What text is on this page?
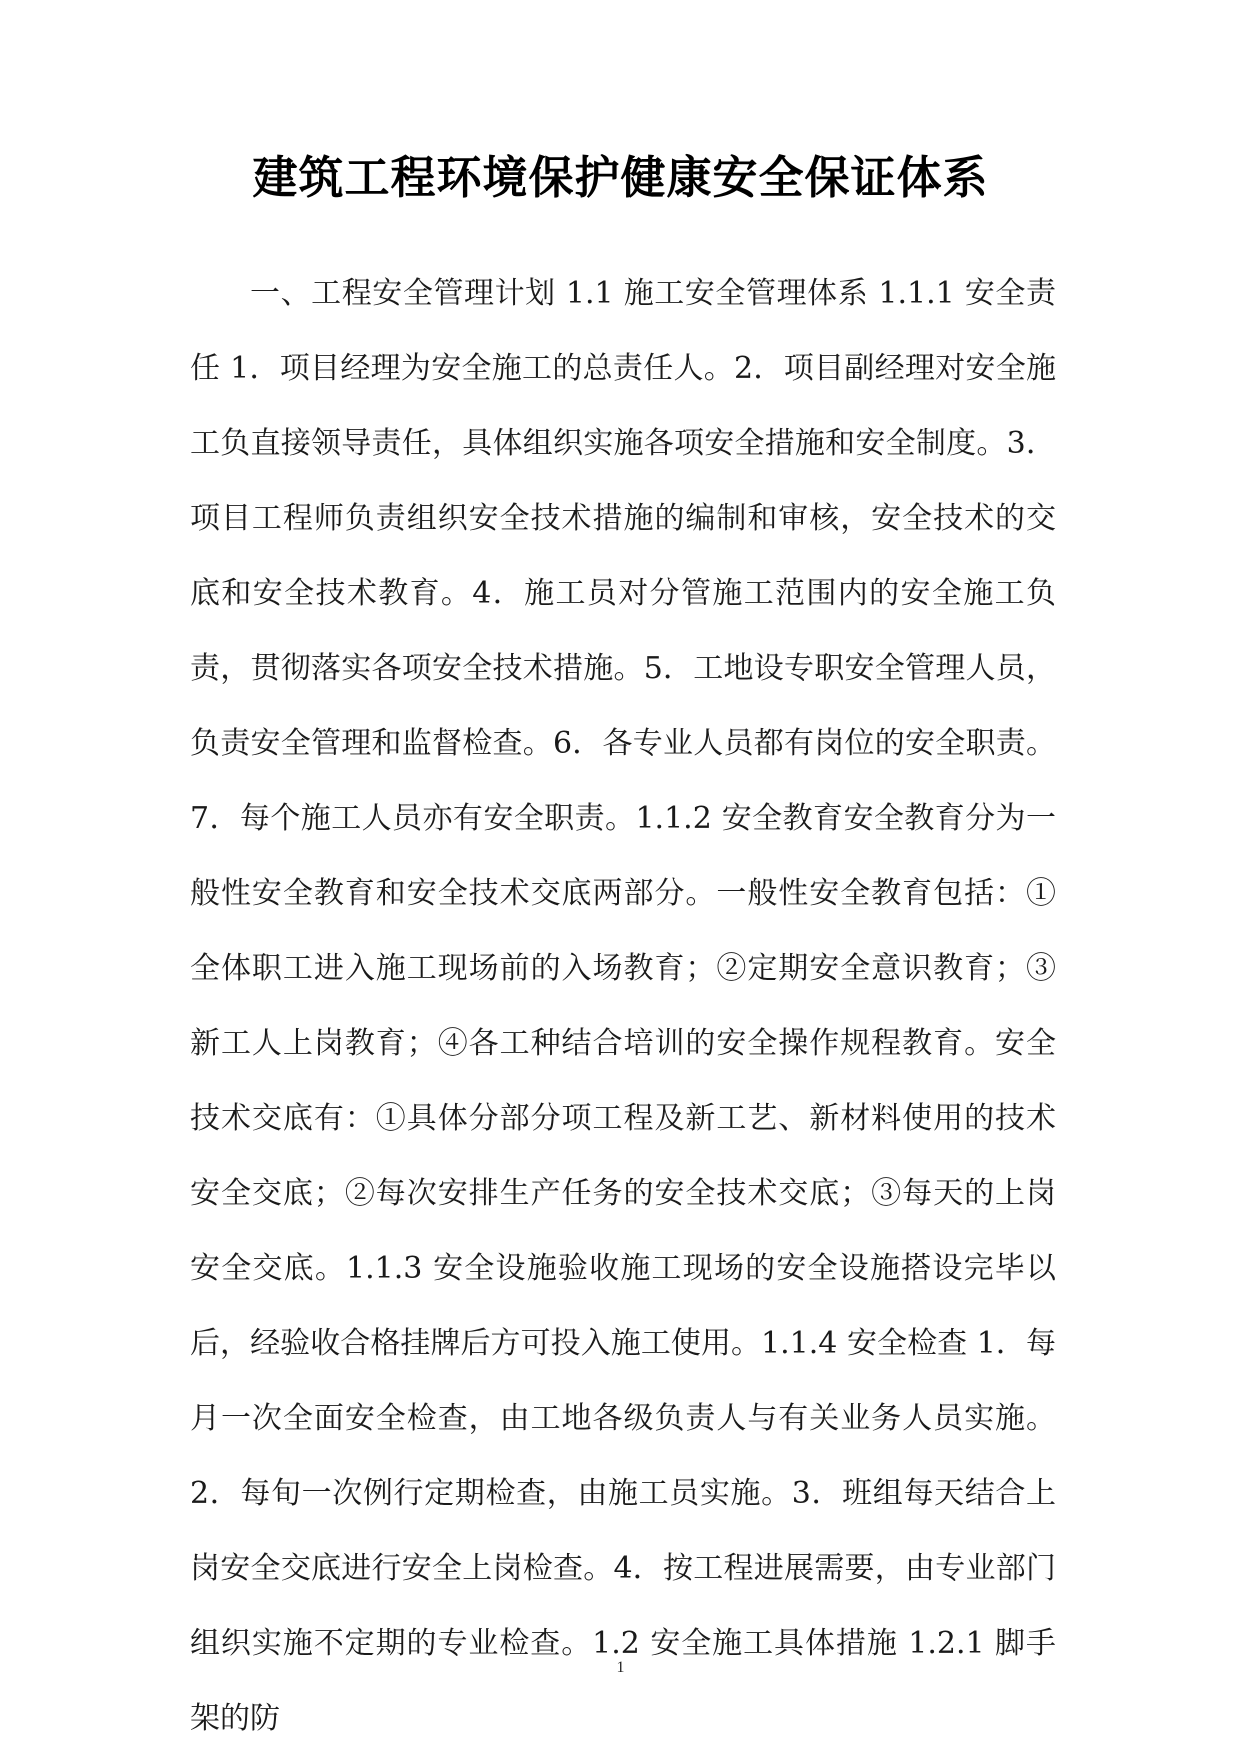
建筑工程环境保护健康安全保证体系

一、工程安全管理计划 1.1 施工安全管理体系 1.1.1 安全责任 1．项目经理为安全施工的总责任人。2．项目副经理对安全施工负直接领导责任，具体组织实施各项安全措施和安全制度。3．项目工程师负责组织安全技术措施的编制和审核，安全技术的交底和安全技术教育。4．施工员对分管施工范围内的安全施工负责，贯彻落实各项安全技术措施。5．工地设专职安全管理人员，负责安全管理和监督检查。6．各专业人员都有岗位的安全职责。7．每个施工人员亦有安全职责。1.1.2 安全教育安全教育分为一般性安全教育和安全技术交底两部分。一般性安全教育包括：①全体职工进入施工现场前的入场教育；②定期安全意识教育；③新工人上岗教育；④各工种结合培训的安全操作规程教育。安全技术交底有：①具体分部分项工程及新工艺、新材料使用的技术安全交底；②每次安排生产任务的安全技术交底；③每天的上岗安全交底。1.1.3 安全设施验收施工现场的安全设施搭设完毕以后，经验收合格挂牌后方可投入施工使用。1.1.4 安全检查 1．每月一次全面安全检查，由工地各级负责人与有关业务人员实施。2．每旬一次例行定期检查，由施工员实施。3．班组每天结合上岗安全交底进行安全上岗检查。4．按工程进展需要，由专业部门组织实施不定期的专业检查。1.2 安全施工具体措施 1.2.1 脚手架的防

1
